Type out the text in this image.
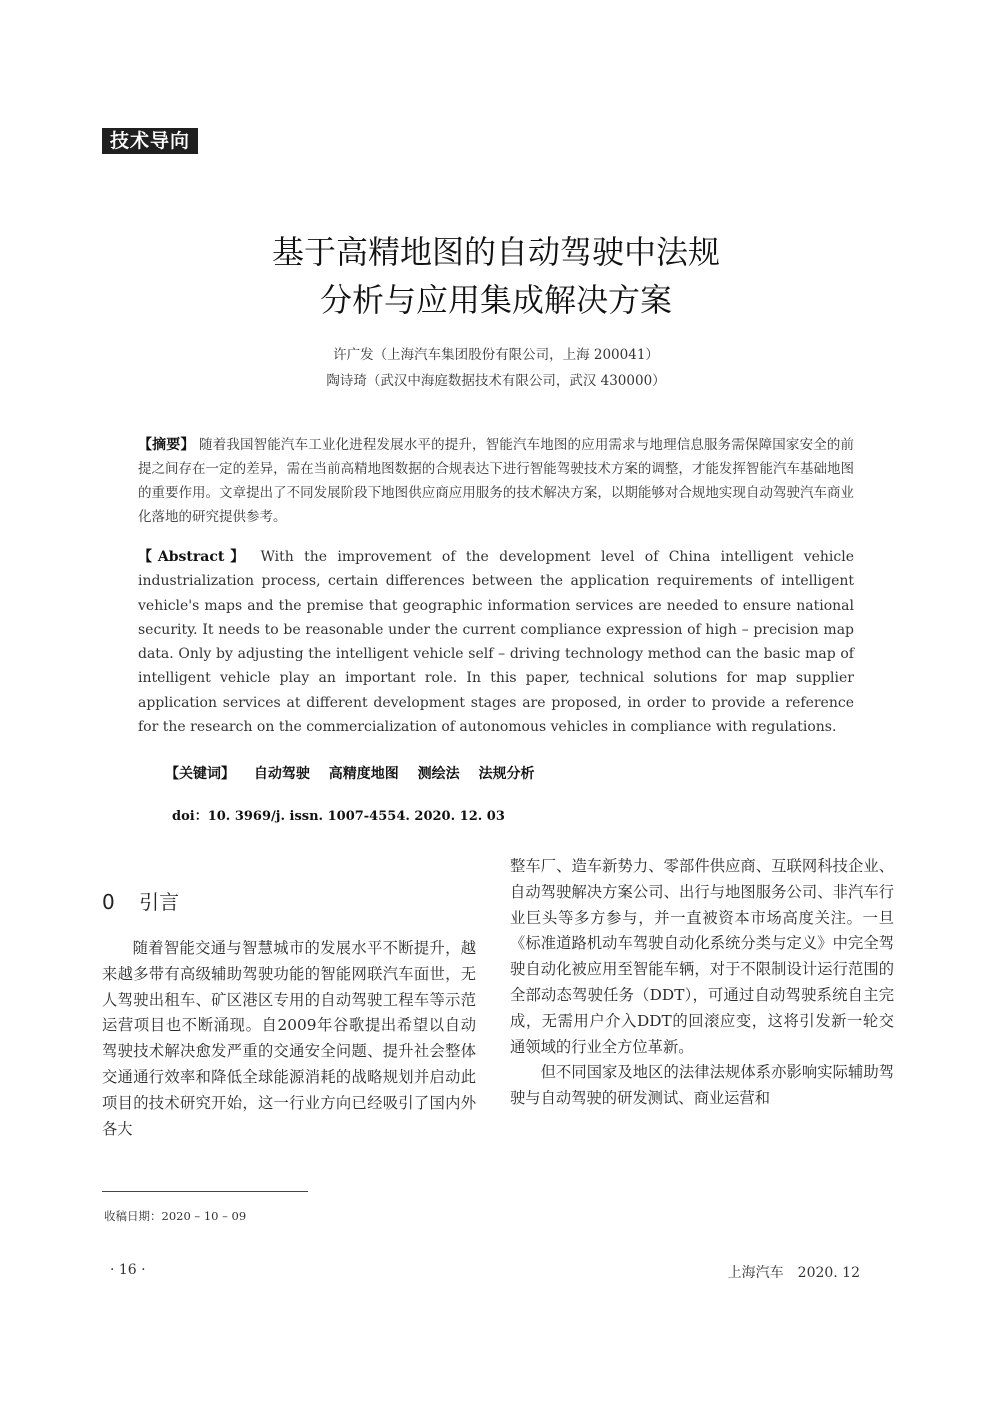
技术导向
基于高精地图的自动驾驶中法规
分析与应用集成解决方案
许广发（上海汽车集团股份有限公司，上海 200041）
陶诗琦（武汉中海庭数据技术有限公司，武汉 430000）
【摘要】 随着我国智能汽车工业化进程发展水平的提升，智能汽车地图的应用需求与地理信息服务需保障国家安全的前提之间存在一定的差异，需在当前高精地图数据的合规表达下进行智能驾驶技术方案的调整，才能发挥智能汽车基础地图的重要作用。文章提出了不同发展阶段下地图供应商应用服务的技术解决方案，以期能够对合规地实现自动驾驶汽车商业化落地的研究提供参考。
【Abstract】 With the improvement of the development level of China intelligent vehicle industrialization process, certain differences between the application requirements of intelligent vehicle's maps and the premise that geographic information services are needed to ensure national security. It needs to be reasonable under the current compliance expression of high – precision map data. Only by adjusting the intelligent vehicle self – driving technology method can the basic map of intelligent vehicle play an important role. In this paper, technical solutions for map supplier application services at different development stages are proposed, in order to provide a reference for the research on the commercialization of autonomous vehicles in compliance with regulations.
【关键词】 自动驾驶 高精度地图 测绘法 法规分析
doi：10. 3969/j. issn. 1007-4554. 2020. 12. 03
0 引言

随着智能交通与智慧城市的发展水平不断提升，越来越多带有高级辅助驾驶功能的智能网联汽车面世，无人驾驶出租车、矿区港区专用的自动驾驶工程车等示范运营项目也不断涌现。自2009年谷歌提出希望以自动驾驶技术解决愈发严重的交通安全问题、提升社会整体交通通行效率和降低全球能源消耗的战略规划并启动此项目的技术研究开始，这一行业方向已经吸引了国内外各大

整车厂、造车新势力、零部件供应商、互联网科技企业、自动驾驶解决方案公司、出行与地图服务公司、非汽车行业巨头等多方参与，并一直被资本市场高度关注。一旦《标准道路机动车驾驶自动化系统分类与定义》中完全驾驶自动化被应用至智能车辆，对于不限制设计运行范围的全部动态驾驶任务（DDT），可通过自动驾驶系统自主完成，无需用户介入DDT的回滚应变，这将引发新一轮交通领域的行业全方位革新。

但不同国家及地区的法律法规体系亦影响实际辅助驾驶与自动驾驶的研发测试、商业运营和

收稿日期：2020 – 10 – 09
· 16 ·	上海汽车　2020. 12
